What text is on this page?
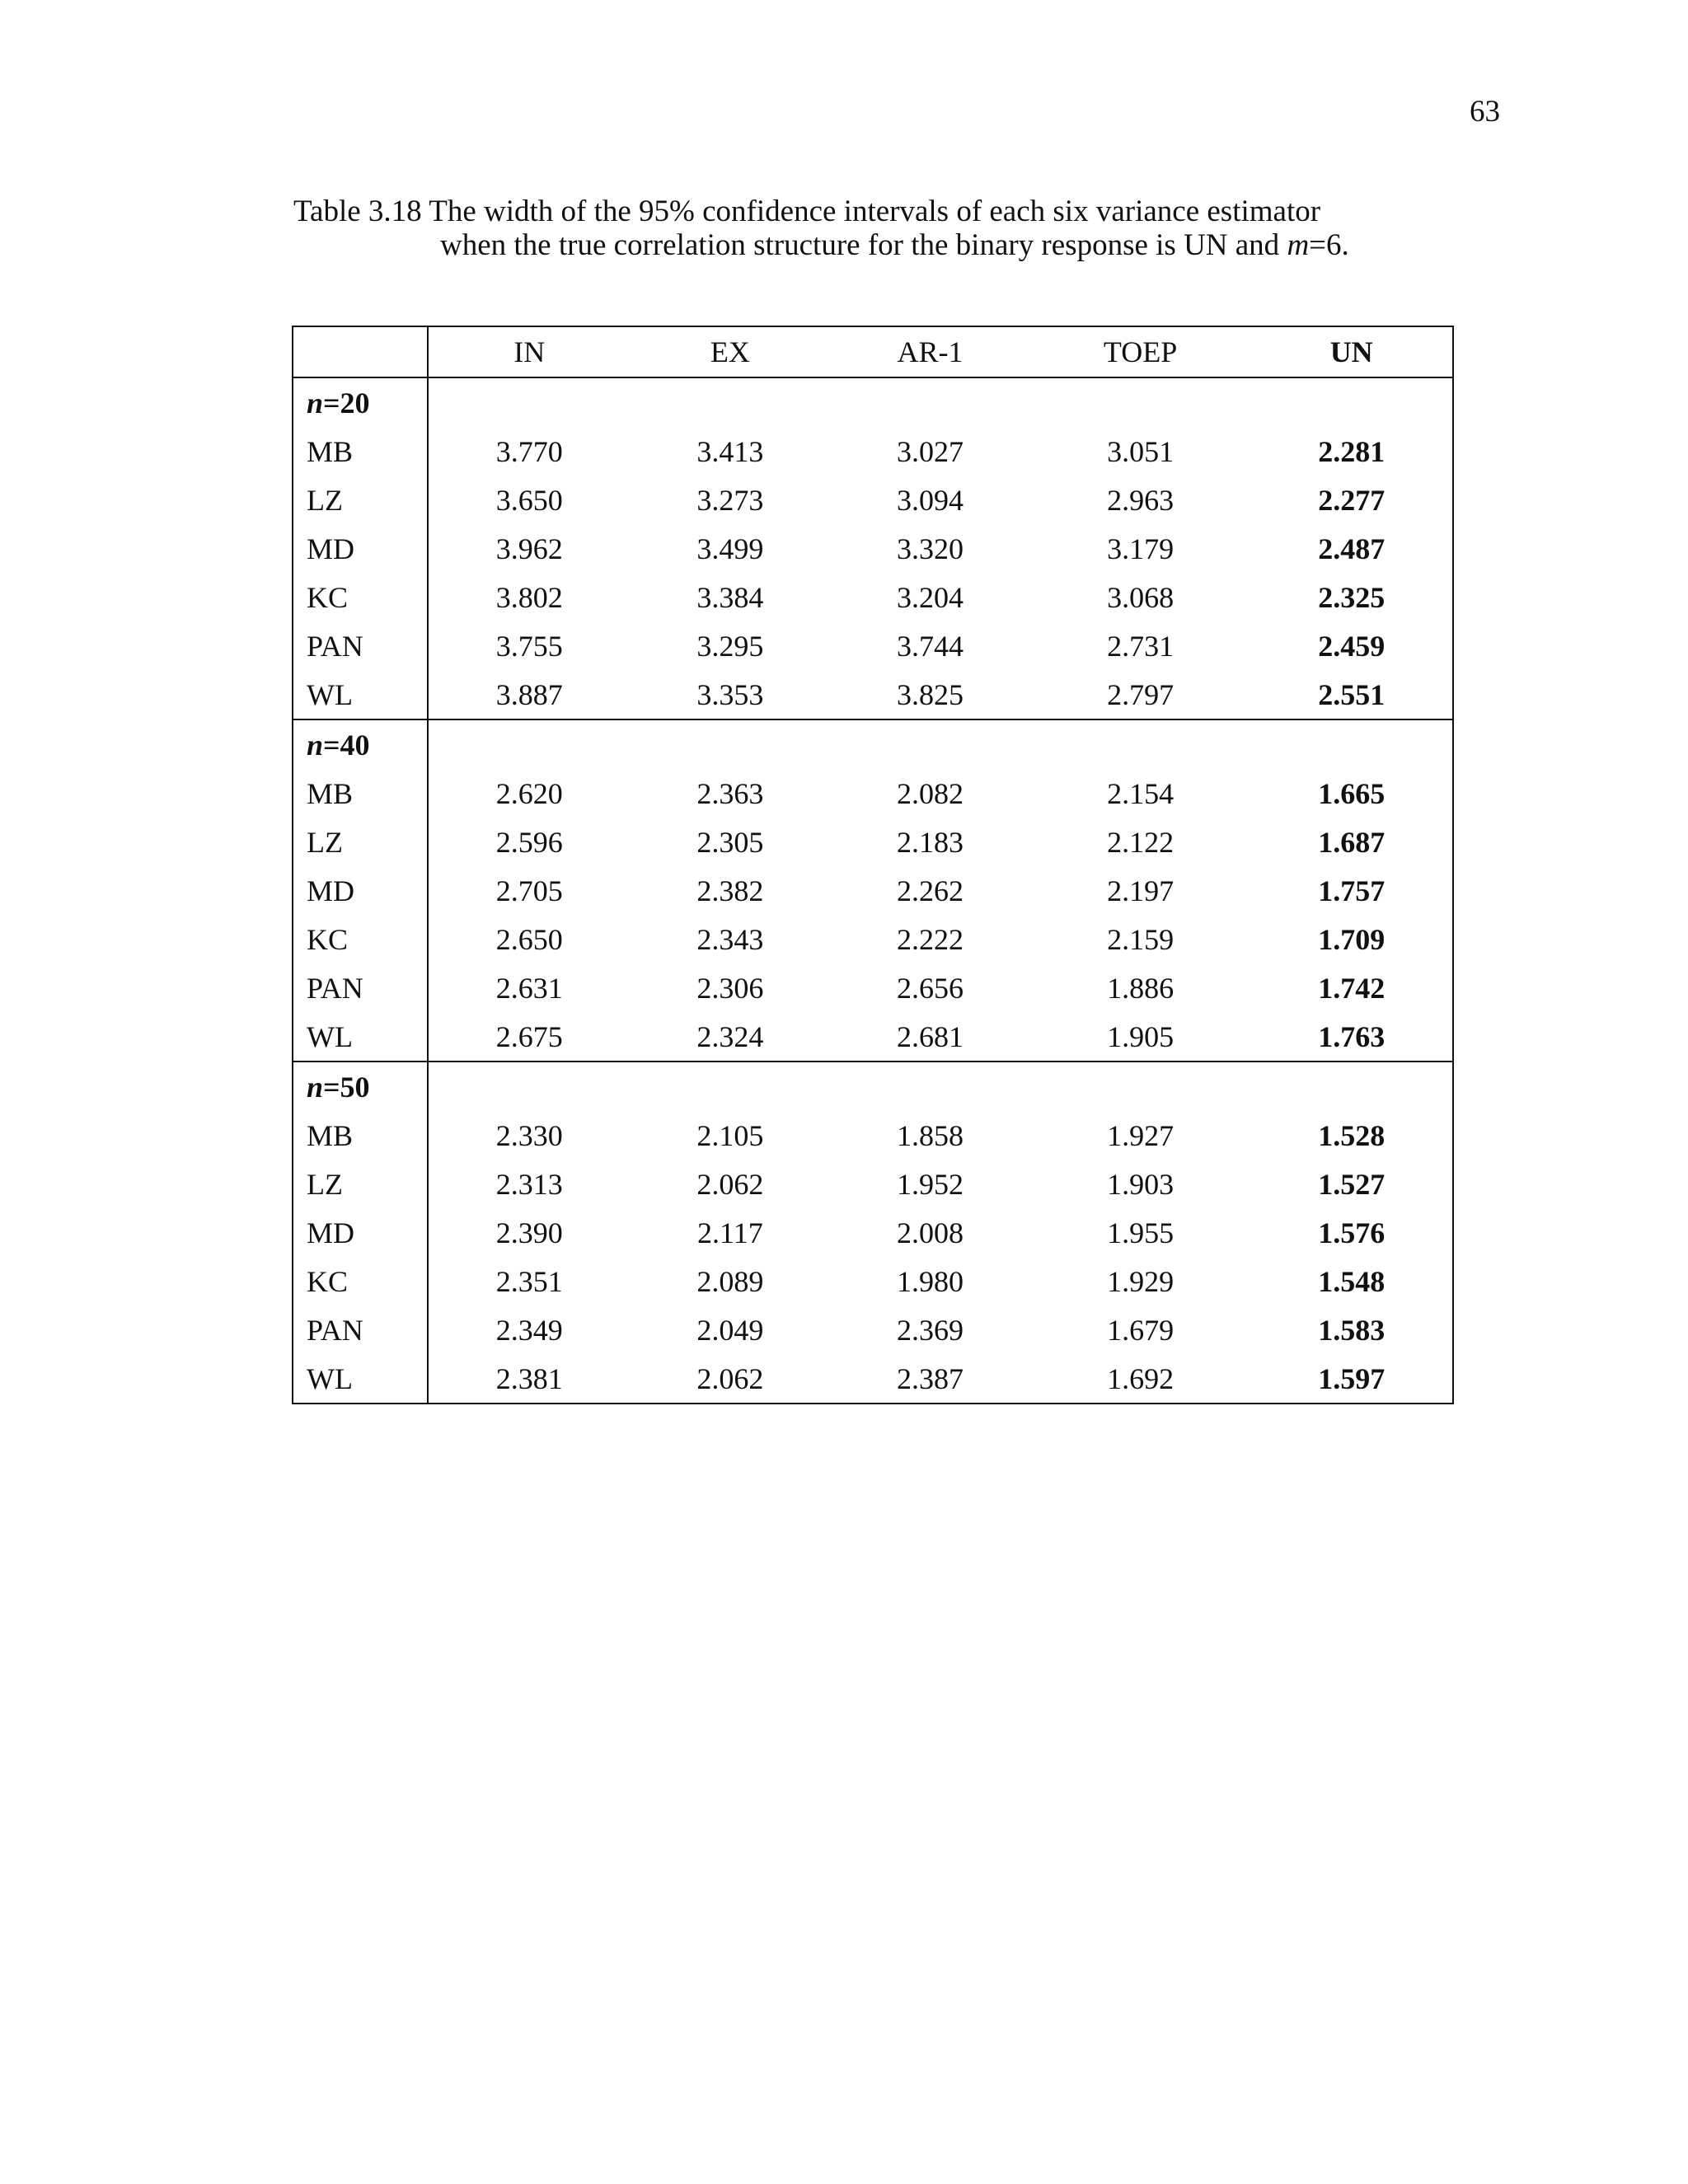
63
Table 3.18 The width of the 95% confidence intervals of each six variance estimator
when the true correlation structure for the binary response is UN and m=6.
	IN	EX	AR-1	TOEP	UN
n=20					
MB	3.770	3.413	3.027	3.051	2.281
LZ	3.650	3.273	3.094	2.963	2.277
MD	3.962	3.499	3.320	3.179	2.487
KC	3.802	3.384	3.204	3.068	2.325
PAN	3.755	3.295	3.744	2.731	2.459
WL	3.887	3.353	3.825	2.797	2.551
n=40					
MB	2.620	2.363	2.082	2.154	1.665
LZ	2.596	2.305	2.183	2.122	1.687
MD	2.705	2.382	2.262	2.197	1.757
KC	2.650	2.343	2.222	2.159	1.709
PAN	2.631	2.306	2.656	1.886	1.742
WL	2.675	2.324	2.681	1.905	1.763
n=50					
MB	2.330	2.105	1.858	1.927	1.528
LZ	2.313	2.062	1.952	1.903	1.527
MD	2.390	2.117	2.008	1.955	1.576
KC	2.351	2.089	1.980	1.929	1.548
PAN	2.349	2.049	2.369	1.679	1.583
WL	2.381	2.062	2.387	1.692	1.597
